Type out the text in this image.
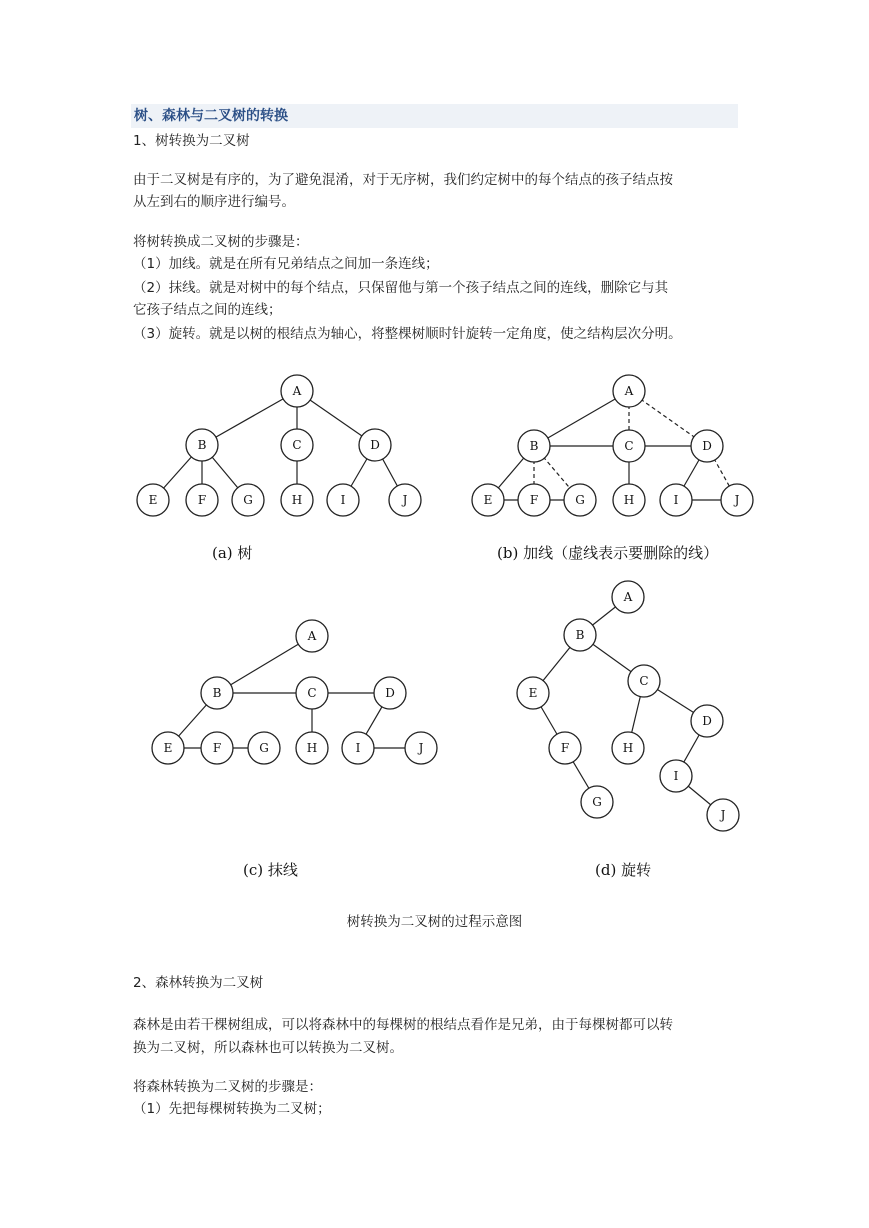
树、森林与二叉树的转换
1、树转换为二叉树
由于二叉树是有序的，为了避免混淆，对于无序树，我们约定树中的每个结点的孩子结点按
从左到右的顺序进行编号。
将树转换成二叉树的步骤是：
（1）加线。就是在所有兄弟结点之间加一条连线；
（2）抹线。就是对树中的每个结点，只保留他与第一个孩子结点之间的连线，删除它与其
它孩子结点之间的连线；
（3）旋转。就是以树的根结点为轴心，将整棵树顺时针旋转一定角度，使之结构层次分明。
A
B	C	D
E	F	G	H	I	J
(a) 树
A
B	C	D
E	F	G	H	I	J
(b) 加线（虚线表示要删除的线）
A
B	C	D
E	F	G	H	I	J
(c) 抹线
A
B
C
D
E
F
G
H
I
J
(d) 旋转
树转换为二叉树的过程示意图
2、森林转换为二叉树
森林是由若干棵树组成，可以将森林中的每棵树的根结点看作是兄弟，由于每棵树都可以转
换为二叉树，所以森林也可以转换为二叉树。
将森林转换为二叉树的步骤是：
（1）先把每棵树转换为二叉树；
